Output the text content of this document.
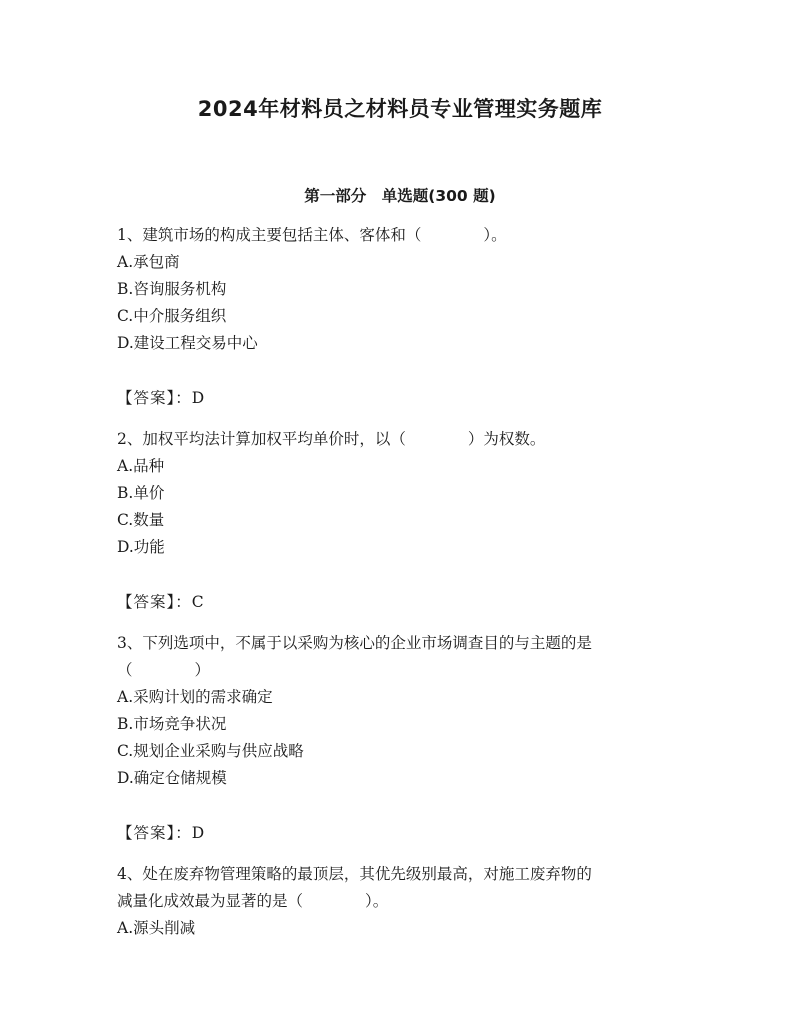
2024年材料员之材料员专业管理实务题库
第一部分　单选题(300 题)
1、建筑市场的构成主要包括主体、客体和（　　　　）。
A.承包商
B.咨询服务机构
C.中介服务组织
D.建设工程交易中心
【答案】：D
2、加权平均法计算加权平均单价时，以（　　　　）为权数。
A.品种
B.单价
C.数量
D.功能
【答案】：C
3、下列选项中，不属于以采购为核心的企业市场调查目的与主题的是
（　　　　）
A.采购计划的需求确定
B.市场竞争状况
C.规划企业采购与供应战略
D.确定仓储规模
【答案】：D
4、处在废弃物管理策略的最顶层，其优先级别最高，对施工废弃物的
减量化成效最为显著的是（　　　　）。
A.源头削减
